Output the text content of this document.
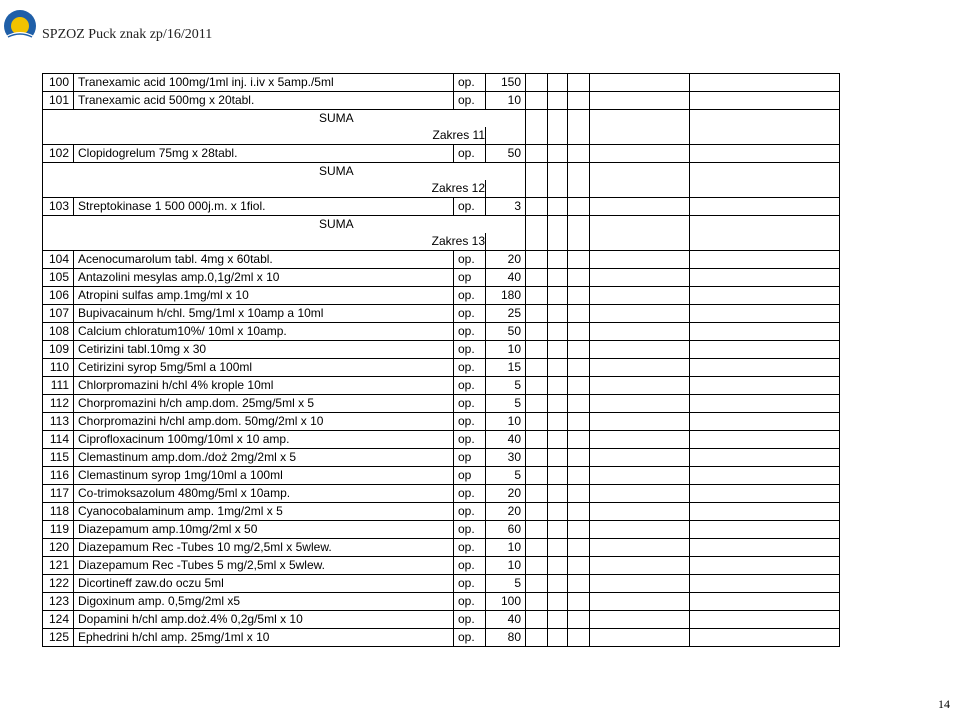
SPZOZ Puck znak zp/16/2011
100	Tranexamic acid 100mg/1ml inj. i.iv x 5amp./5ml	op.	150					
101	Tranexamic acid 500mg x 20tabl.	op.	10					
SUMA								
Zakres 11								
102	Clopidogrelum 75mg x 28tabl.	op.	50					
SUMA								
Zakres 12								
103	Streptokinase 1 500 000j.m. x 1fiol.	op.	3					
SUMA								
Zakres 13								
104	Acenocumarolum tabl. 4mg x 60tabl.	op.	20					
105	Antazolini mesylas amp.0,1g/2ml x 10	op	40					
106	Atropini sulfas amp.1mg/ml x 10	op.	180					
107	Bupivacainum h/chl. 5mg/1ml x 10amp a 10ml	op.	25					
108	Calcium chloratum10%/ 10ml x 10amp.	op.	50					
109	Cetirizini tabl.10mg x 30	op.	10					
110	Cetirizini syrop 5mg/5ml a 100ml	op.	15					
111	Chlorpromazini h/chl 4% krople 10ml	op.	5					
112	Chorpromazini h/ch amp.dom. 25mg/5ml x 5	op.	5					
113	Chorpromazini h/chl amp.dom. 50mg/2ml x 10	op.	10					
114	Ciprofloxacinum 100mg/10ml x 10 amp.	op.	40					
115	Clemastinum amp.dom./doż 2mg/2ml x 5	op	30					
116	Clemastinum syrop 1mg/10ml a 100ml	op	5					
117	Co-trimoksazolum 480mg/5ml x 10amp.	op.	20					
118	Cyanocobalaminum amp. 1mg/2ml x 5	op.	20					
119	Diazepamum amp.10mg/2ml x 50	op.	60					
120	Diazepamum Rec -Tubes 10 mg/2,5ml x 5wlew.	op.	10					
121	Diazepamum Rec -Tubes 5 mg/2,5ml x 5wlew.	op.	10					
122	Dicortineff zaw.do oczu 5ml	op.	5					
123	Digoxinum amp. 0,5mg/2ml x5	op.	100					
124	Dopamini h/chl amp.doż.4% 0,2g/5ml x 10	op.	40					
125	Ephedrini h/chl amp. 25mg/1ml x 10	op.	80					
14
